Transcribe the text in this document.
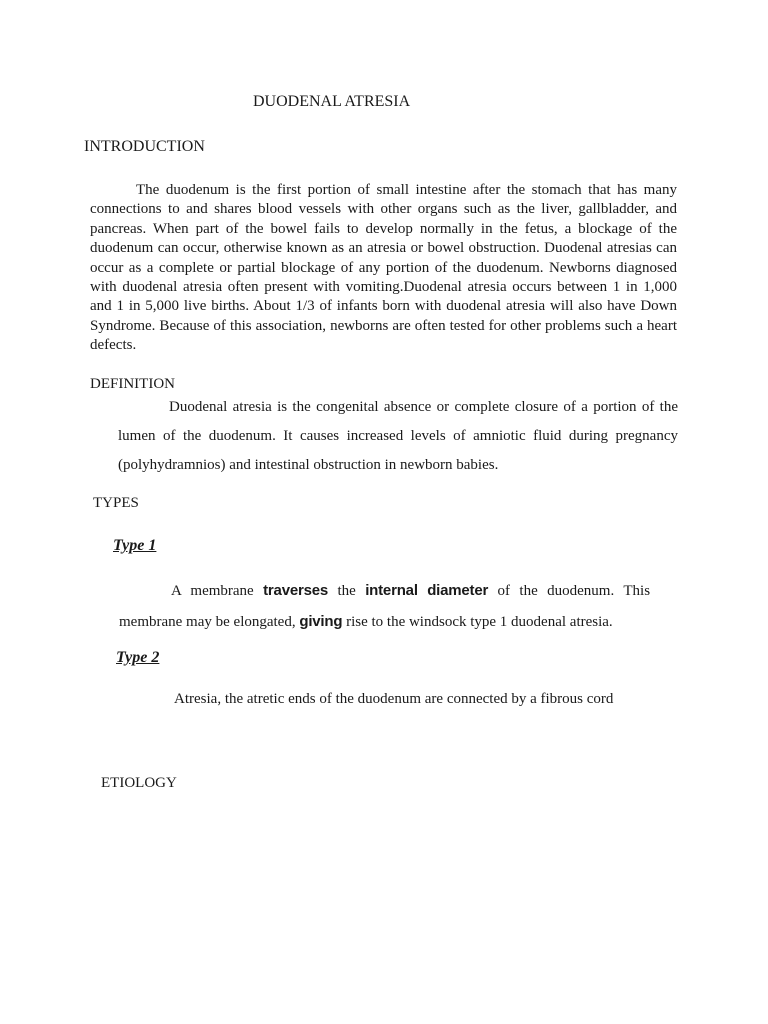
DUODENAL ATRESIA
INTRODUCTION

The duodenum is the first portion of small intestine after the stomach that has many connections to and shares blood vessels with other organs such as the liver, gallbladder, and pancreas. When part of the bowel fails to develop normally in the fetus, a blockage of the duodenum can occur, otherwise known as an atresia or bowel obstruction. Duodenal atresias can occur as a complete or partial blockage of any portion of the duodenum. Newborns diagnosed with duodenal atresia often present with vomiting.Duodenal atresia occurs between 1 in 1,000 and 1 in 5,000 live births. About 1/3 of infants born with duodenal atresia will also have Down Syndrome. Because of this association, newborns are often tested for other problems such a heart defects.

DEFINITION

Duodenal atresia is the congenital absence or complete closure of a portion of the lumen of the duodenum. It causes increased levels of amniotic fluid during pregnancy (polyhydramnios) and intestinal obstruction in newborn babies.

TYPES
Type 1

A membrane traverses the internal diameter of the duodenum. This
membrane may be elongated, giving rise to the windsock type 1 duodenal atresia.

Type 2

Atresia, the atretic ends of the duodenum are connected by a fibrous cord

ETIOLOGY
